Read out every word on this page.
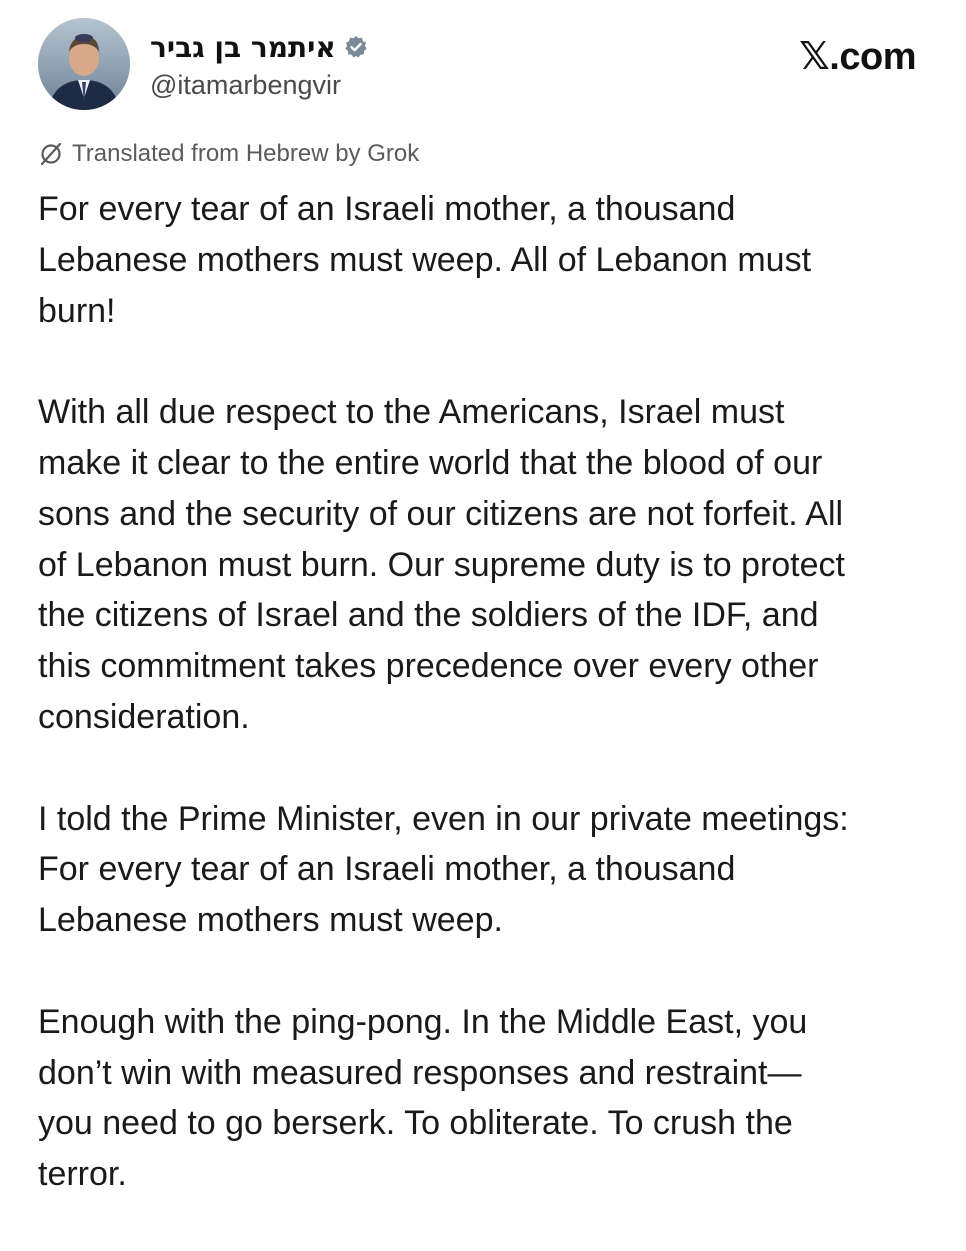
איתמר בן גביר
@itamarbengvir
𝕏.com
Translated from Hebrew by Grok

For every tear of an Israeli mother, a thousand
Lebanese mothers must weep. All of Lebanon must
burn!

With all due respect to the Americans, Israel must
make it clear to the entire world that the blood of our
sons and the security of our citizens are not forfeit. All
of Lebanon must burn. Our supreme duty is to protect
the citizens of Israel and the soldiers of the IDF, and
this commitment takes precedence over every other
consideration.

I told the Prime Minister, even in our private meetings:
For every tear of an Israeli mother, a thousand
Lebanese mothers must weep.

Enough with the ping-pong. In the Middle East, you
don’t win with measured responses and restraint—
you need to go berserk. To obliterate. To crush the
terror.
